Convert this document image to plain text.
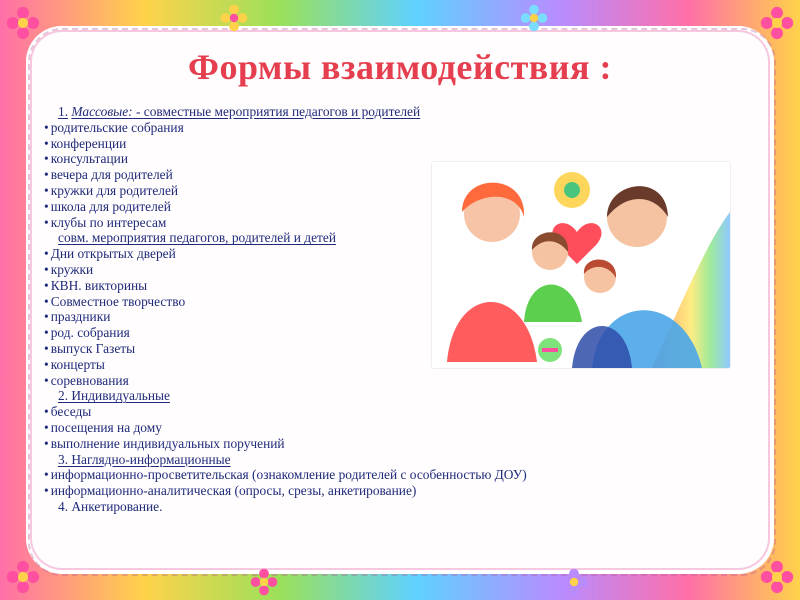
Формы взаимодействия :
1. Массовые: - совместные мероприятия педагогов и родителей
• родительские собрания
• конференции
• консультации
• вечера для родителей
• кружки для родителей
• школа для родителей
• клубы по интересам
совм. мероприятия педагогов, родителей и детей
• Дни открытых дверей
• кружки
• КВН. викторины
• Совместное творчество
• праздники
• род. собрания
• выпуск Газеты
• концерты
• соревнования
2. Индивидуальные
• беседы
• посещения на дому
• выполнение индивидуальных поручений
3. Наглядно-информационные
• информационно-просветительская (ознакомление родителей с особенностью ДОУ)
• информационно-аналитическая (опросы, срезы, анкетирование)
4. Анкетирование.
